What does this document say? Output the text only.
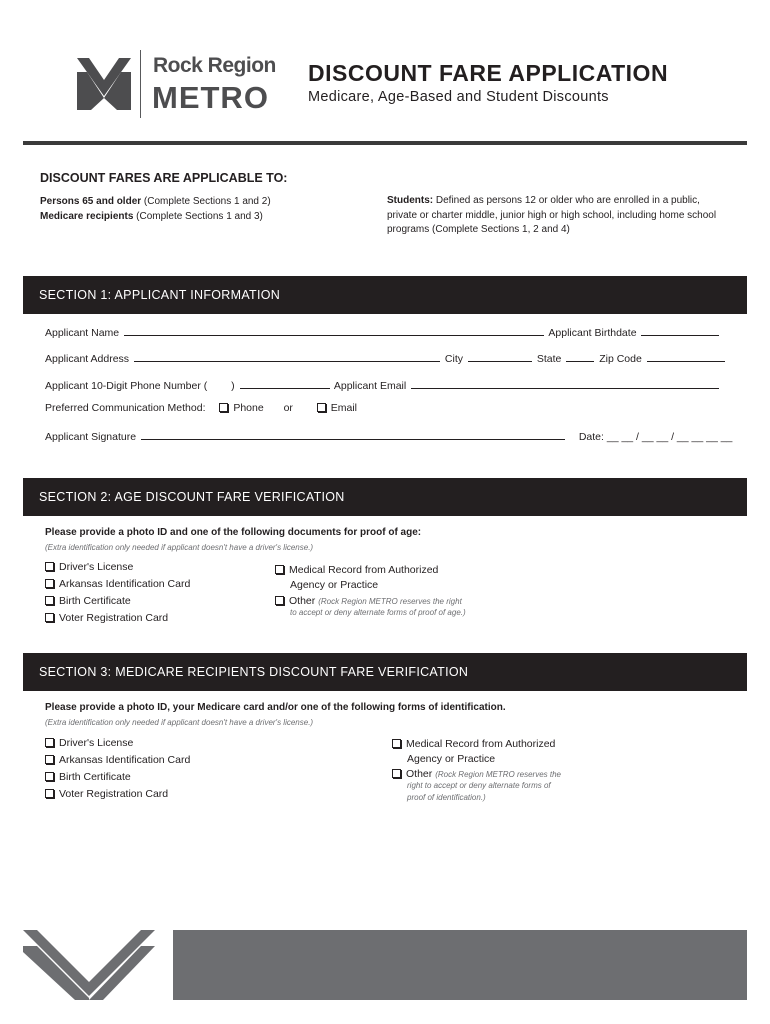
Rock Region
METRO
DISCOUNT FARE APPLICATION
Medicare, Age-Based and Student Discounts
DISCOUNT FARES ARE APPLICABLE TO:
Persons 65 and older (Complete Sections 1 and 2)
Medicare recipients (Complete Sections 1 and 3)
Students: Defined as persons 12 or older who are enrolled in a public, private or charter middle, junior high or high school, including home school programs (Complete Sections 1, 2 and 4)
SECTION 1: APPLICANT INFORMATION
Applicant Name	Applicant Birthdate
Applicant Address	City	State	Zip Code
Applicant 10-Digit Phone Number ( )	Applicant Email
Preferred Communication Method:	Phone or	Email
Applicant Signature	Date: __ __ / __ __ / __ __ __ __
SECTION 2: AGE DISCOUNT FARE VERIFICATION
Please provide a photo ID and one of the following documents for proof of age:
(Extra identification only needed if applicant doesn't have a driver's license.)
Driver's License
Arkansas Identification Card
Birth Certificate
Voter Registration Card
Medical Record from Authorized
Agency or Practice
Other (Rock Region METRO reserves the right
to accept or deny alternate forms of proof of age.)
SECTION 3: MEDICARE RECIPIENTS DISCOUNT FARE VERIFICATION
Please provide a photo ID, your Medicare card and/or one of the following forms of identification.
(Extra identification only needed if applicant doesn't have a driver's license.)
Driver's License
Arkansas Identification Card
Birth Certificate
Voter Registration Card
Medical Record from Authorized
Agency or Practice
Other (Rock Region METRO reserves the
right to accept or deny alternate forms of
proof of identification.)
